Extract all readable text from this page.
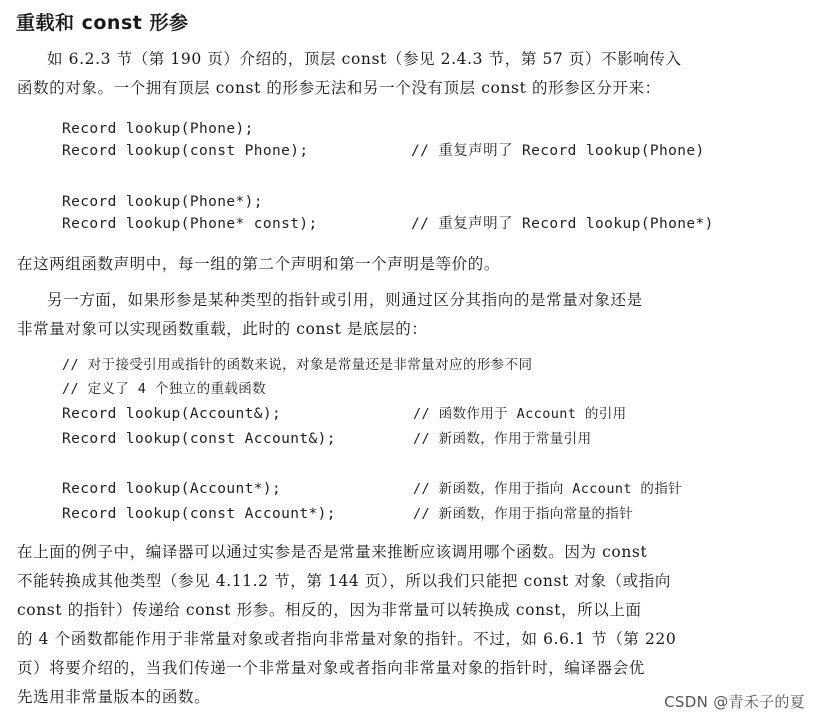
重载和 const 形参
如 6.2.3 节（第 190 页）介绍的，顶层 const（参见 2.4.3 节，第 57 页）不影响传入
函数的对象。一个拥有顶层 const 的形参无法和另一个没有顶层 const 的形参区分开来：

Record lookup(Phone);

Record lookup(const Phone);

	// 重复声明了 Record lookup(Phone)

Record lookup(Phone*);

Record lookup(Phone* const);

	// 重复声明了 Record lookup(Phone*)

在这两组函数声明中，每一组的第二个声明和第一个声明是等价的。
另一方面，如果形参是某种类型的指针或引用，则通过区分其指向的是常量对象还是
非常量对象可以实现函数重载，此时的 const 是底层的：

// 对于接受引用或指针的函数来说，对象是常量还是非常量对应的形参不同

// 定义了 4 个独立的重载函数

Record lookup(Account&);

	// 函数作用于 Account 的引用

Record lookup(const Account&);

	// 新函数，作用于常量引用

Record lookup(Account*);

	// 新函数，作用于指向 Account 的指针

Record lookup(const Account*);

	// 新函数，作用于指向常量的指针

在上面的例子中，编译器可以通过实参是否是常量来推断应该调用哪个函数。因为 const
不能转换成其他类型（参见 4.11.2 节，第 144 页），所以我们只能把 const 对象（或指向
const 的指针）传递给 const 形参。相反的，因为非常量可以转换成 const，所以上面
的 4 个函数都能作用于非常量对象或者指向非常量对象的指针。不过，如 6.6.1 节（第 220
页）将要介绍的，当我们传递一个非常量对象或者指向非常量对象的指针时，编译器会优
先选用非常量版本的函数。	CSDN @青禾子的夏
